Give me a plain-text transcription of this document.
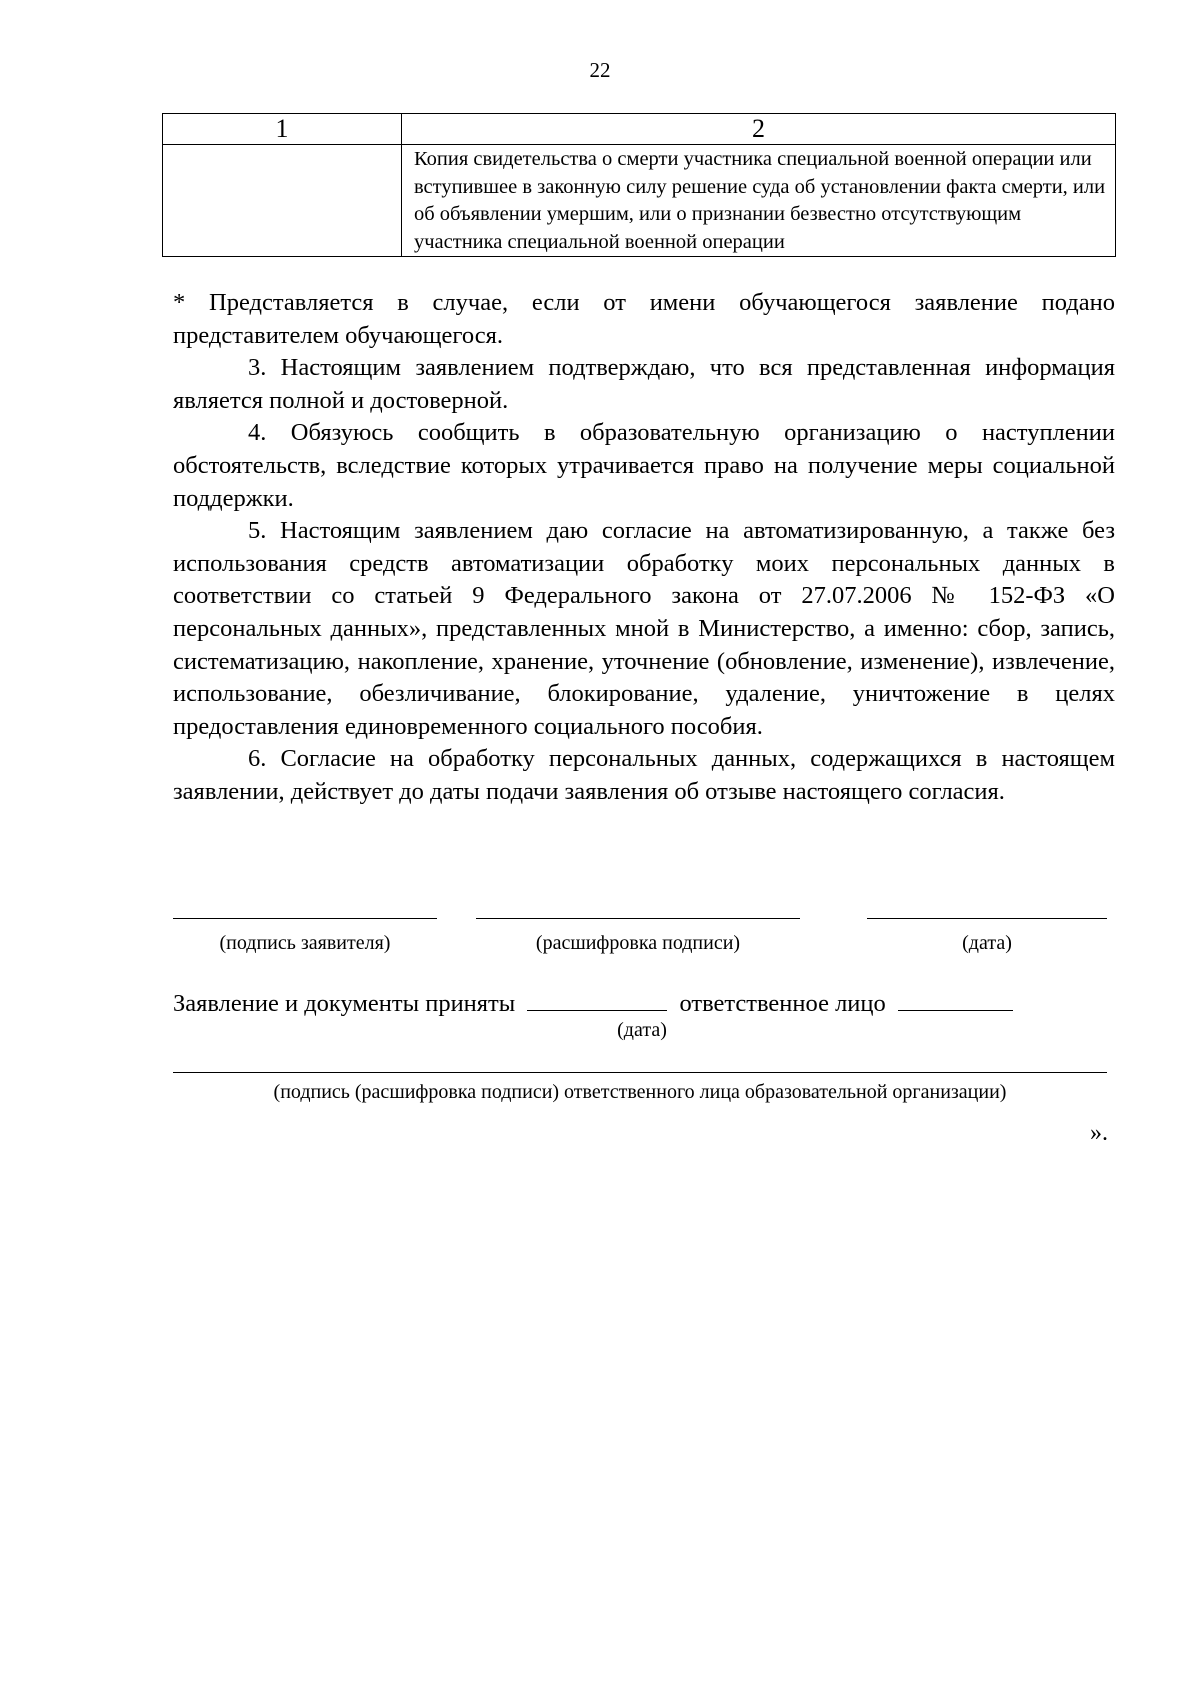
22
1	2

	Копия свидетельства о смерти участника специальной военной операции или вступившее в законную силу решение суда об установлении факта смерти, или об объявлении умершим, или о признании безвестно отсутствующим участника специальной военной операции

* Представляется в случае, если от имени обучающегося заявление подано представителем обучающегося.

3. Настоящим заявлением подтверждаю, что вся представленная информация является полной и достоверной.

4. Обязуюсь сообщить в образовательную организацию о наступлении обстоятельств, вследствие которых утрачивается право на получение меры социальной поддержки.

5. Настоящим заявлением даю согласие на автоматизированную, а также без использования средств автоматизации обработку моих персональных данных в соответствии со статьей 9 Федерального закона от 27.07.2006 № 152-ФЗ «О персональных данных», представленных мной в Министерство, а именно: сбор, запись, систематизацию, накопление, хранение, уточнение (обновление, изменение), извлечение, использование, обезличивание, блокирование, удаление, уничтожение в целях предоставления единовременного социального пособия.

6. Согласие на обработку персональных данных, содержащихся в настоящем заявлении, действует до даты подачи заявления об отзыве настоящего согласия.

(подпись заявителя)	(расшифровка подписи)	(дата)
Заявление и документы приняты	ответственное лицо
(дата)
(подпись (расшифровка подписи) ответственного лица образовательной организации)
».
